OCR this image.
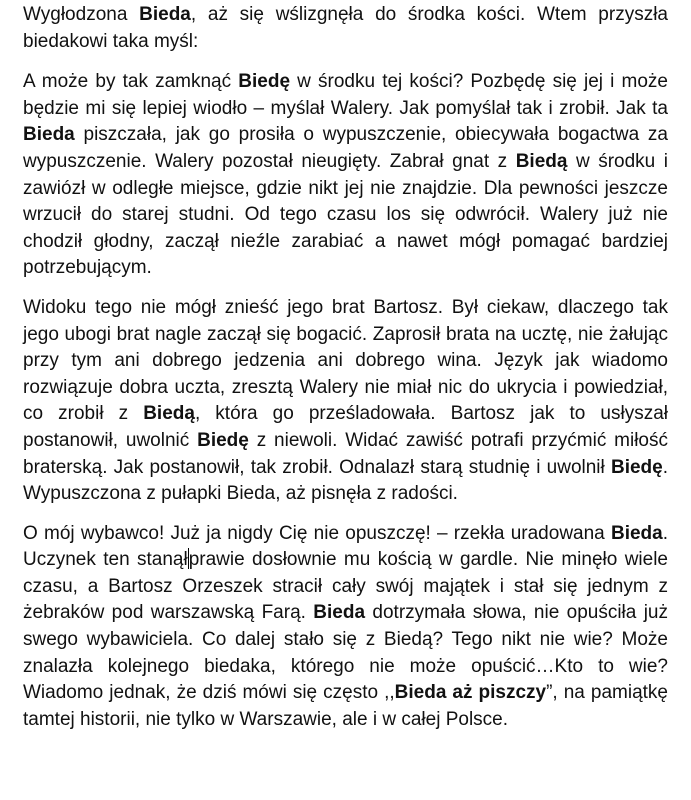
Wygłodzona Bieda, aż się wślizgnęła do środka kości. Wtem przyszła biedakowi taka myśl:

A może by tak zamknąć Biedę w środku tej kości? Pozbędę się jej i może będzie mi się lepiej wiodło – myślał Walery. Jak pomyślał tak i zrobił. Jak ta Bieda piszczała, jak go prosiła o wypuszczenie, obiecywała bogactwa za wypuszczenie. Walery pozostał nieugięty. Zabrał gnat z Biedą w środku i zawiózł w odległe miejsce, gdzie nikt jej nie znajdzie. Dla pewności jeszcze wrzucił do starej studni. Od tego czasu los się odwrócił. Walery już nie chodził głodny, zaczął nieźle zarabiać a nawet mógł pomagać bardziej potrzebującym.

Widoku tego nie mógł znieść jego brat Bartosz. Był ciekaw, dlaczego tak jego ubogi brat nagle zaczął się bogacić. Zaprosił brata na ucztę, nie żałując przy tym ani dobrego jedzenia ani dobrego wina. Język jak wiadomo rozwiązuje dobra uczta, zresztą Walery nie miał nic do ukrycia i powiedział, co zrobił z Biedą, która go prześladowała. Bartosz jak to usłyszał postanowił, uwolnić Biedę z niewoli. Widać zawiść potrafi przyćmić miłość braterską. Jak postanowił, tak zrobił. Odnalazł starą studnię i uwolnił Biedę. Wypuszczona z pułapki Bieda, aż pisnęła z radości.

O mój wybawco! Już ja nigdy Cię nie opuszczę! – rzekła uradowana Bieda. Uczynek ten stanąłprawie dosłownie mu kością w gardle. Nie minęło wiele czasu, a Bartosz Orzeszek stracił cały swój majątek i stał się jednym z żebraków pod warszawską Farą. Bieda dotrzymała słowa, nie opuściła już swego wybawiciela. Co dalej stało się z Biedą? Tego nikt nie wie? Może znalazła kolejnego biedaka, którego nie może opuścić…Kto to wie? Wiadomo jednak, że dziś mówi się często ,,Bieda aż piszczy”, na pamiątkę tamtej historii, nie tylko w Warszawie, ale i w całej Polsce.
